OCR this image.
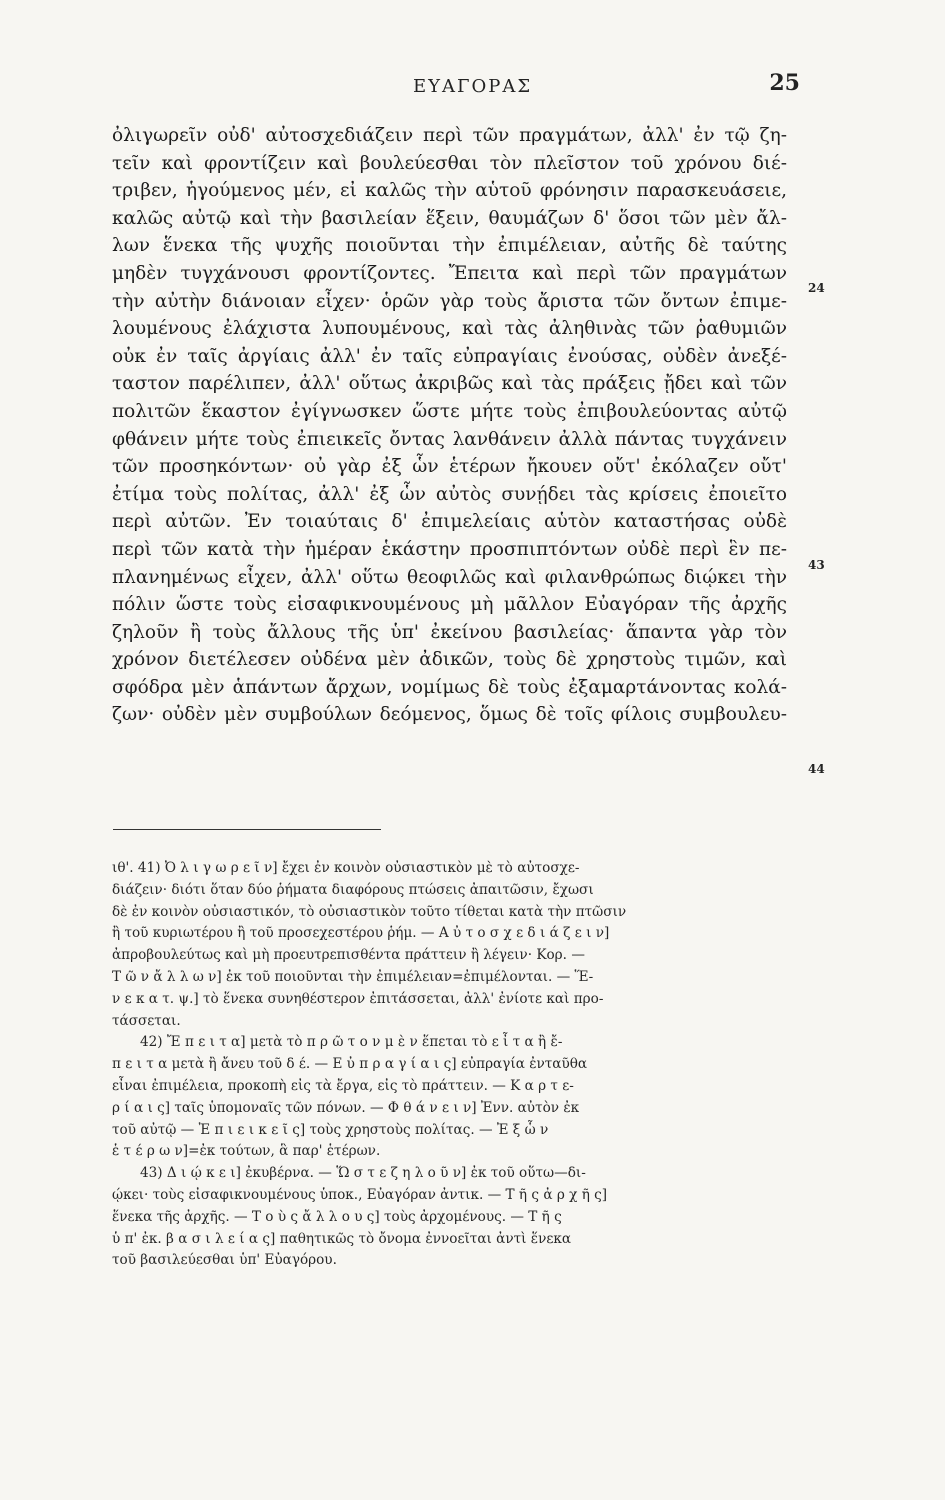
ΕΥΑΓΟΡΑΣ	25
ὀλιγωρεῖν οὐδ' αὐτοσχεδιάζειν περὶ τῶν πραγμάτων, ἀλλ' ἐν τῷ ζη-
τεῖν καὶ φροντίζειν καὶ βουλεύεσθαι τὸν πλεῖστον τοῦ χρόνου διέ-
τριβεν, ἡγούμενος μέν, εἰ καλῶς τὴν αὑτοῦ φρόνησιν παρασκευάσειε,
καλῶς αὐτῷ καὶ τὴν βασιλείαν ἕξειν, θαυμάζων δ' ὅσοι τῶν μὲν ἄλ-
λων ἕνεκα τῆς ψυχῆς ποιοῦνται τὴν ἐπιμέλειαν, αὐτῆς δὲ ταύτης
μηδὲν τυγχάνουσι φροντίζοντες. Ἔπειτα καὶ περὶ τῶν πραγμάτων
τὴν αὐτὴν διάνοιαν εἶχεν· ὁρῶν γὰρ τοὺς ἄριστα τῶν ὄντων ἐπιμε-
λουμένους ἐλάχιστα λυπουμένους, καὶ τὰς ἀληθινὰς τῶν ῥαθυμιῶν
οὐκ ἐν ταῖς ἀργίαις ἀλλ' ἐν ταῖς εὐπραγίαις ἐνούσας, οὐδὲν ἀνεξέ-
ταστον παρέλιπεν, ἀλλ' οὕτως ἀκριβῶς καὶ τὰς πράξεις ᾔδει καὶ τῶν
πολιτῶν ἕκαστον ἐγίγνωσκεν ὥστε μήτε τοὺς ἐπιβουλεύοντας αὐτῷ
φθάνειν μήτε τοὺς ἐπιεικεῖς ὄντας λανθάνειν ἀλλὰ πάντας τυγχάνειν
τῶν προσηκόντων· οὐ γὰρ ἐξ ὧν ἑτέρων ἤκουεν οὔτ' ἐκόλαζεν οὔτ'
ἐτίμα τοὺς πολίτας, ἀλλ' ἐξ ὧν αὐτὸς συνῄδει τὰς κρίσεις ἐποιεῖτο
περὶ αὐτῶν. Ἐν τοιαύταις δ' ἐπιμελείαις αὑτὸν καταστήσας οὐδὲ
περὶ τῶν κατὰ τὴν ἡμέραν ἑκάστην προσπιπτόντων οὐδὲ περὶ ἓν πε-
πλανημένως εἶχεν, ἀλλ' οὕτω θεοφιλῶς καὶ φιλανθρώπως διῴκει τὴν
πόλιν ὥστε τοὺς εἰσαφικνουμένους μὴ μᾶλλον Εὐαγόραν τῆς ἀρχῆς
ζηλοῦν ἢ τοὺς ἄλλους τῆς ὑπ' ἐκείνου βασιλείας· ἅπαντα γὰρ τὸν
χρόνον διετέλεσεν οὐδένα μὲν ἀδικῶν, τοὺς δὲ χρηστοὺς τιμῶν, καὶ
σφόδρα μὲν ἁπάντων ἄρχων, νομίμως δὲ τοὺς ἐξαμαρτάνοντας κολά-
ζων· οὐδὲν μὲν συμβούλων δεόμενος, ὅμως δὲ τοῖς φίλοις συμβουλευ-
24
43
44
ιθ'. 41) Ὀ λ ι γ ω ρ ε ῖ ν] ἔχει ἐν κοινὸν οὐσιαστικὸν μὲ τὸ αὐτοσχε-
διάζειν· διότι ὅταν δύο ῥήματα διαφόρους πτώσεις ἀπαιτῶσιν, ἔχωσι
δὲ ἐν κοινὸν οὐσιαστικόν, τὸ οὐσιαστικὸν τοῦτο τίθεται κατὰ τὴν πτῶσιν
ἢ τοῦ κυριωτέρου ἢ τοῦ προσεχεστέρου ῥήμ. — Α ὐ τ ο σ χ ε δ ι ά ζ ε ι ν]
ἀπροβουλεύτως καὶ μὴ προευτρεπισθέντα πράττειν ἢ λέγειν· Κορ. —
Τ ῶ ν ἄ λ λ ω ν] ἐκ τοῦ ποιοῦνται τὴν ἐπιμέλειαν=ἐπιμέλονται. — Ἕ-
ν ε κ α τ. ψ.] τὸ ἕνεκα συνηθέστερον ἐπιτάσσεται, ἀλλ' ἐνίοτε καὶ προ-
τάσσεται.
42) Ἔ π ε ι τ α] μετὰ τὸ π ρ ῶ τ ο ν μ ὲ ν ἕπεται τὸ ε ἶ τ α ἢ ἔ-
π ε ι τ α μετὰ ἢ ἄνευ τοῦ δ έ. — Ε ὐ π ρ α γ ί α ι ς] εὐπραγία ἐνταῦθα
εἶναι ἐπιμέλεια, προκοπὴ εἰς τὰ ἔργα, εἰς τὸ πράττειν. — Κ α ρ τ ε-
ρ ί α ι ς] ταῖς ὑπομοναῖς τῶν πόνων. — Φ θ ά ν ε ι ν] Ἐνν. αὐτὸν ἐκ
τοῦ αὐτῷ — Ἐ π ι ε ι κ ε ῖ ς] τοὺς χρηστοὺς πολίτας. — Ἐ ξ ὧ ν
ἑ τ έ ρ ω ν]=ἐκ τούτων, ἃ παρ' ἑτέρων.
43) Δ ι ῴ κ ε ι] ἐκυβέρνα. — Ὥ σ τ ε ζ η λ ο ῦ ν] ἐκ τοῦ οὕτω—δι-
ῴκει· τοὺς εἰσαφικνουμένους ὑποκ., Εὐαγόραν ἀντικ. — Τ ῆ ς ἀ ρ χ ῆ ς]
ἕνεκα τῆς ἀρχῆς. — Τ ο ὺ ς ἄ λ λ ο υ ς] τοὺς ἀρχομένους. — Τ ῆ ς
ὑ π' ἐκ. β α σ ι λ ε ί α ς] παθητικῶς τὸ ὄνομα ἐννοεῖται ἀντὶ ἕνεκα
τοῦ βασιλεύεσθαι ὑπ' Εὐαγόρου.
